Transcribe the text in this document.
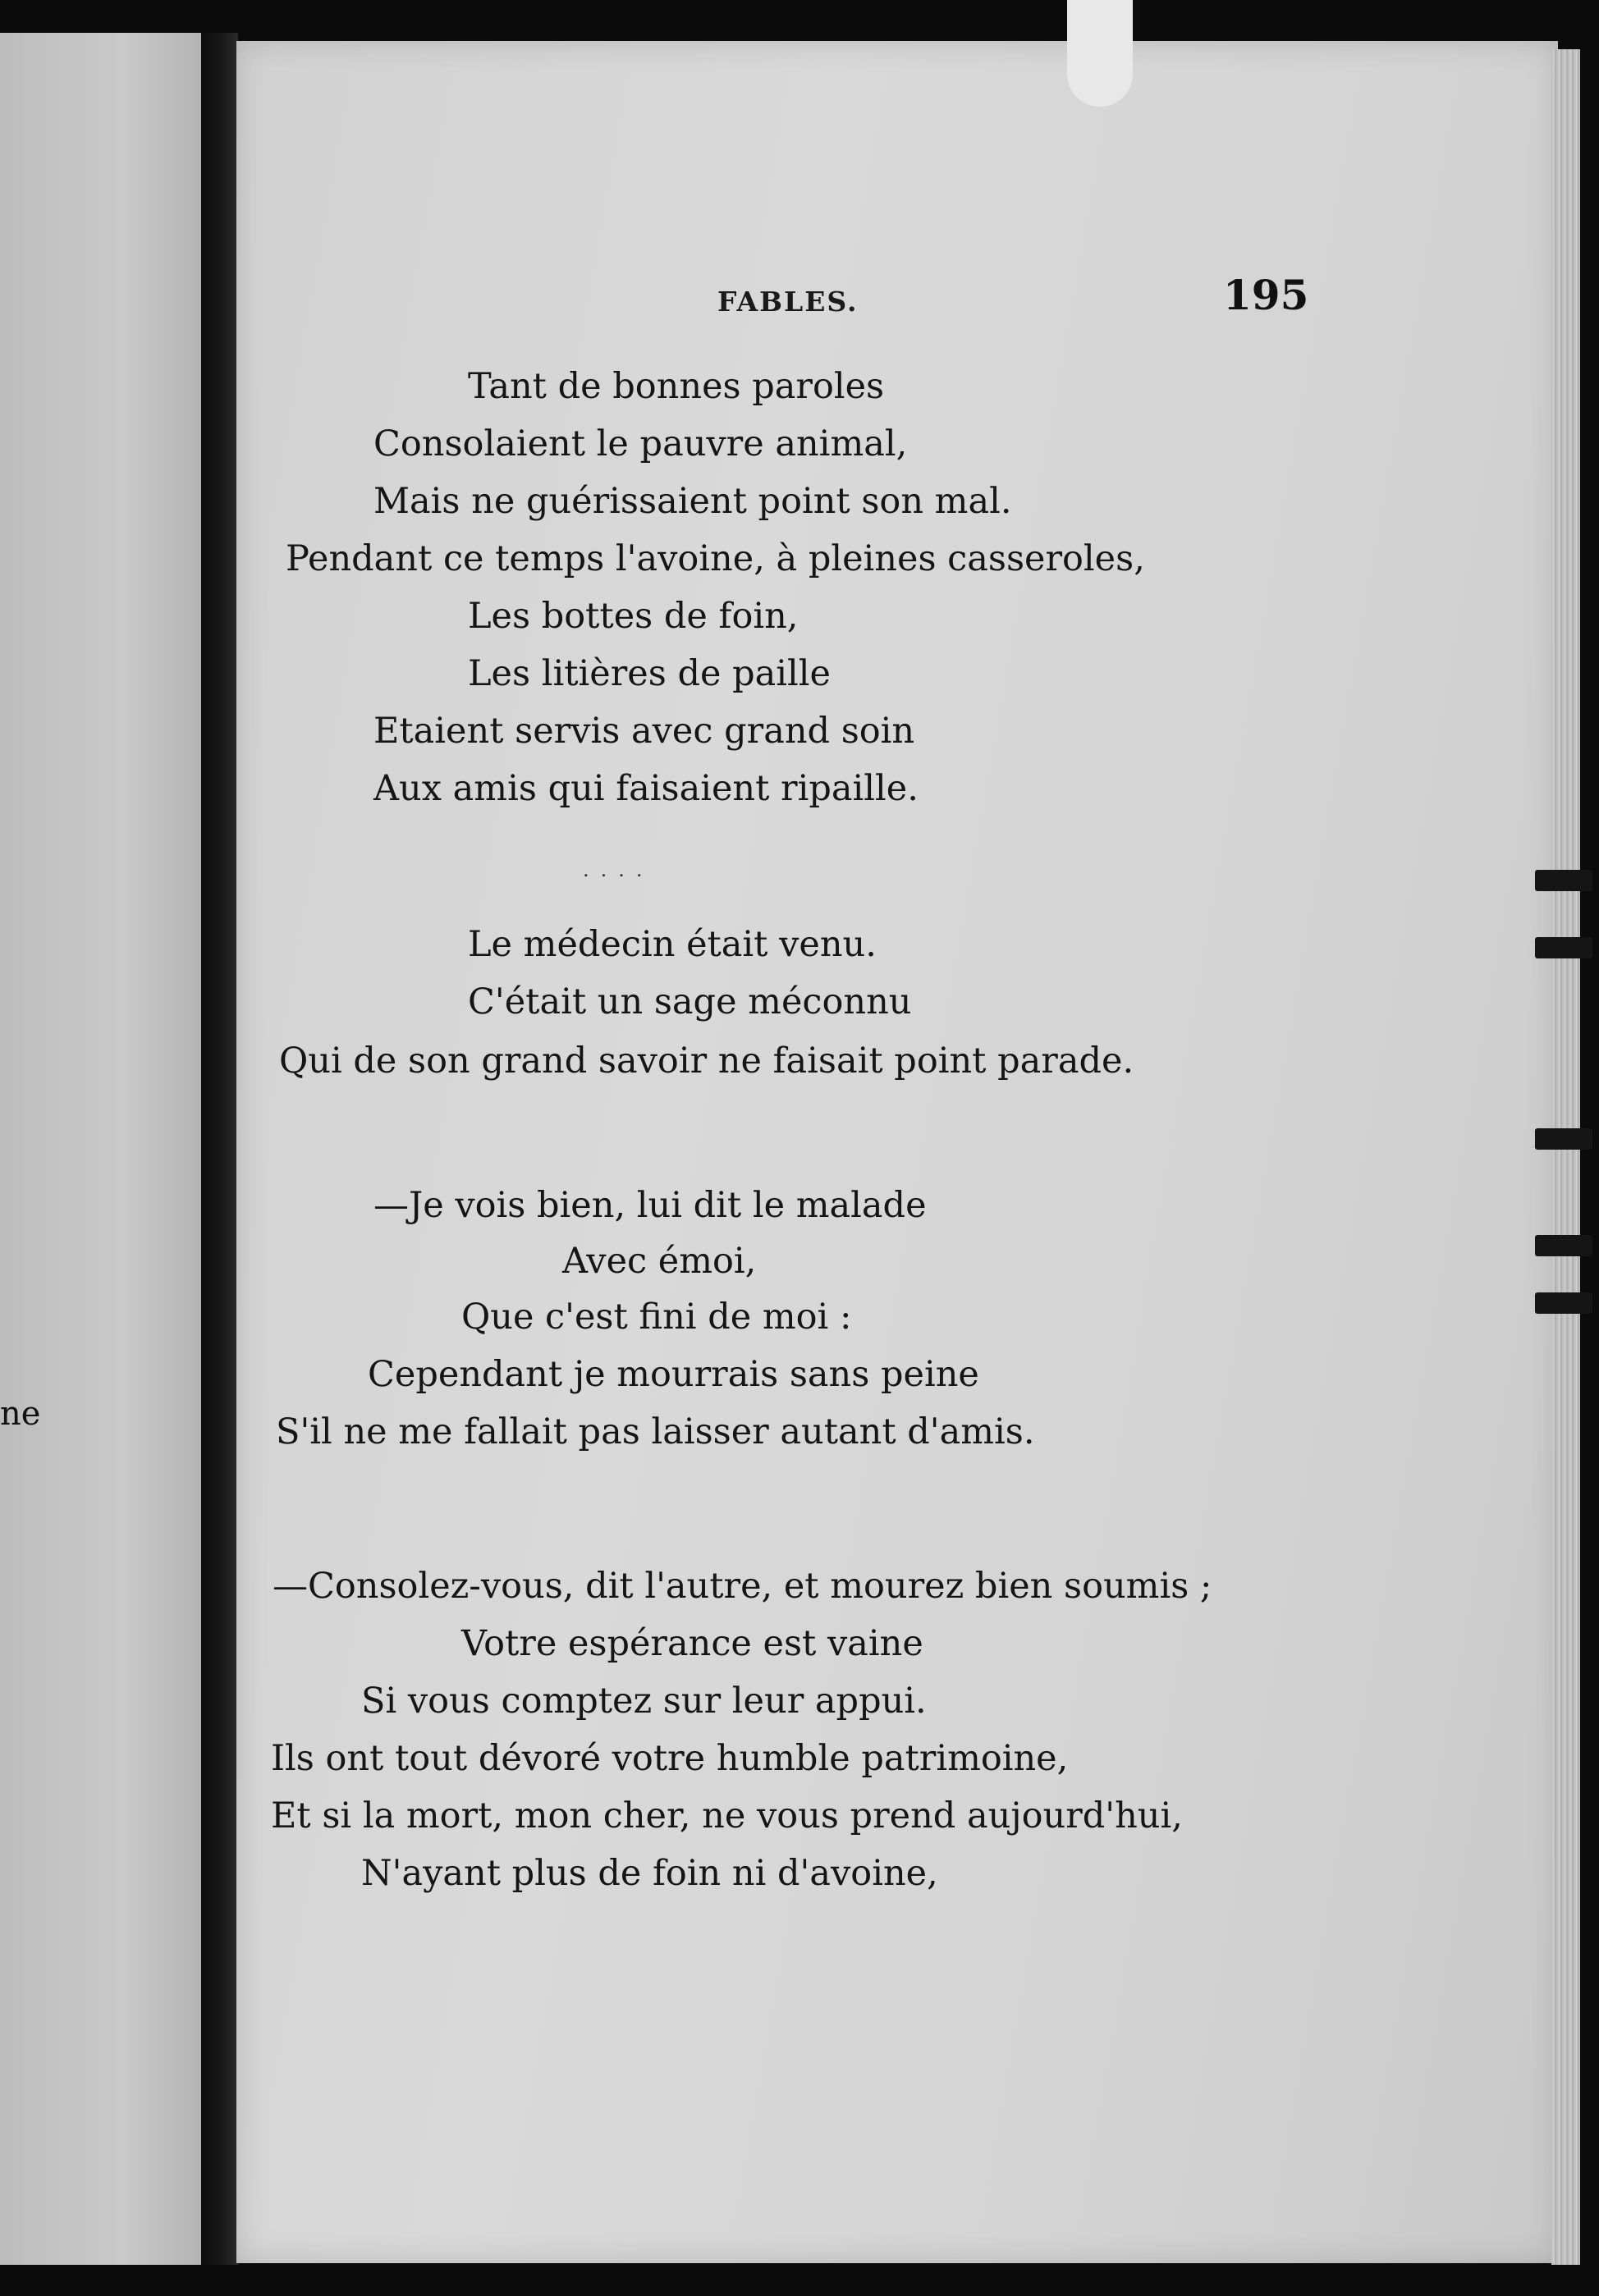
ne
FABLES.	195
Tant de bonnes paroles
Consolaient le pauvre animal,
Mais ne guérissaient point son mal.
Pendant ce temps l'avoine, à pleines casseroles,
Les bottes de foin,
Les litières de paille
Etaient servis avec grand soin
Aux amis qui faisaient ripaille.
....
Le médecin était venu.
C'était un sage méconnu
Qui de son grand savoir ne faisait point parade.
—Je vois bien, lui dit le malade
Avec émoi,
Que c'est fini de moi :
Cependant je mourrais sans peine
S'il ne me fallait pas laisser autant d'amis.
—Consolez-vous, dit l'autre, et mourez bien soumis ;
Votre espérance est vaine
Si vous comptez sur leur appui.
Ils ont tout dévoré votre humble patrimoine,
Et si la mort, mon cher, ne vous prend aujourd'hui,
N'ayant plus de foin ni d'avoine,
